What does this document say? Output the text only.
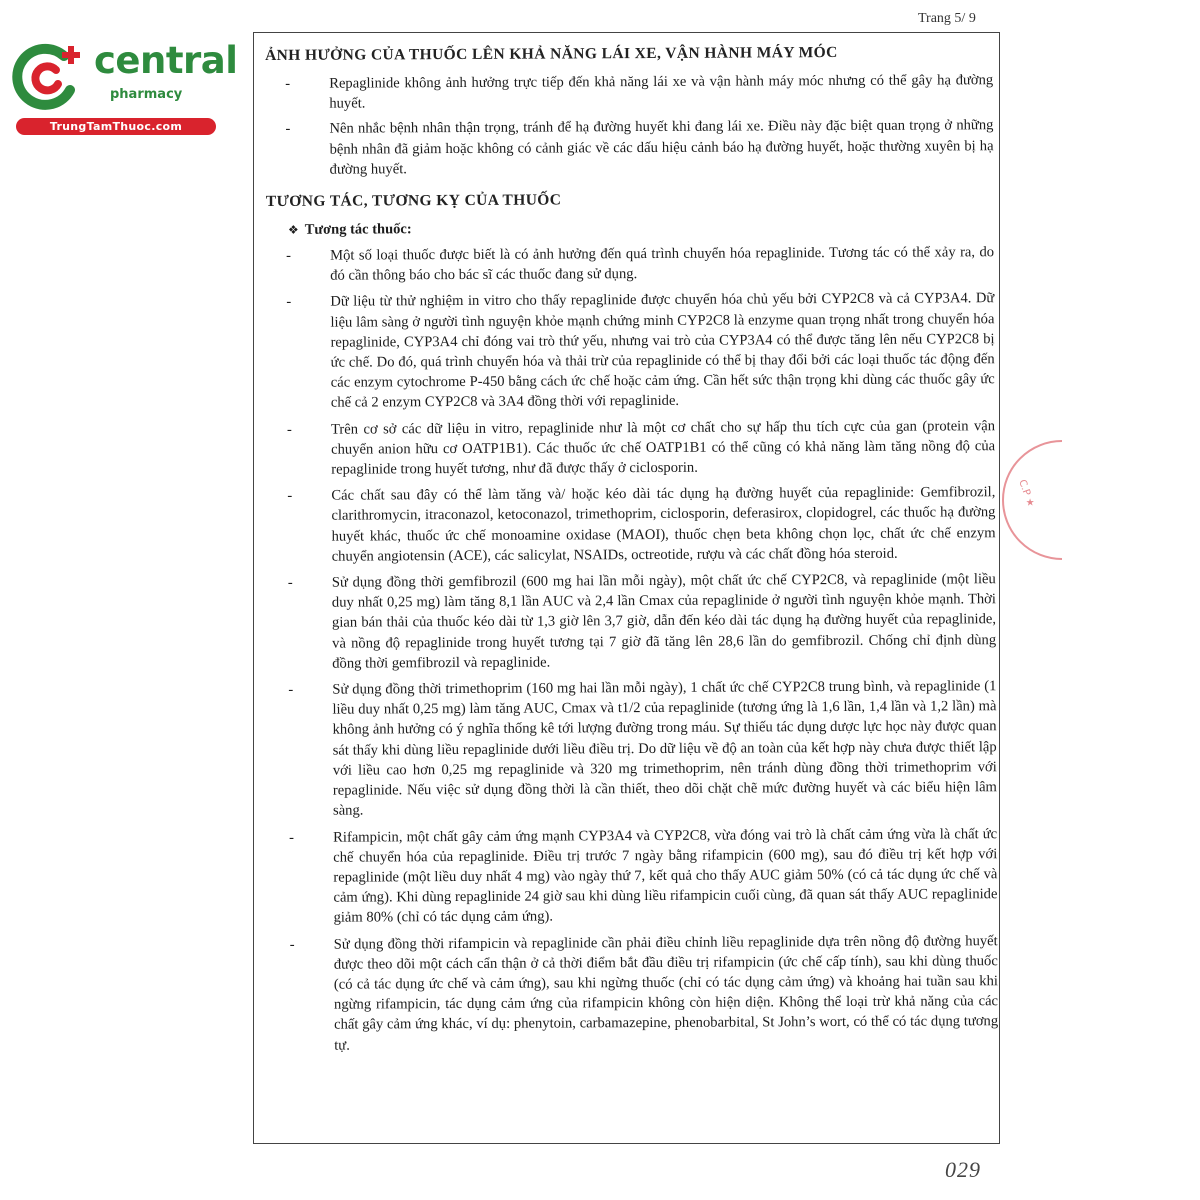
central
pharmacy
TrungTamThuoc.com
Trang 5/ 9
ẢNH HƯỞNG CỦA THUỐC LÊN KHẢ NĂNG LÁI XE, VẬN HÀNH MÁY MÓC
-	Repaglinide không ảnh hưởng trực tiếp đến khả năng lái xe và vận hành máy móc nhưng có thể gây hạ đường huyết.
-	Nên nhắc bệnh nhân thận trọng, tránh để hạ đường huyết khi đang lái xe. Điều này đặc biệt quan trọng ở những bệnh nhân đã giảm hoặc không có cảnh giác về các dấu hiệu cảnh báo hạ đường huyết, hoặc thường xuyên bị hạ đường huyết.
TƯƠNG TÁC, TƯƠNG KỴ CỦA THUỐC
❖ Tương tác thuốc:
-	Một số loại thuốc được biết là có ảnh hưởng đến quá trình chuyển hóa repaglinide. Tương tác có thể xảy ra, do đó cần thông báo cho bác sĩ các thuốc đang sử dụng.
-	Dữ liệu từ thử nghiệm in vitro cho thấy repaglinide được chuyển hóa chủ yếu bởi CYP2C8 và cả CYP3A4. Dữ liệu lâm sàng ở người tình nguyện khỏe mạnh chứng minh CYP2C8 là enzyme quan trọng nhất trong chuyển hóa repaglinide, CYP3A4 chỉ đóng vai trò thứ yếu, nhưng vai trò của CYP3A4 có thể được tăng lên nếu CYP2C8 bị ức chế. Do đó, quá trình chuyển hóa và thải trừ của repaglinide có thể bị thay đổi bởi các loại thuốc tác động đến các enzym cytochrome P-450 bằng cách ức chế hoặc cảm ứng. Cần hết sức thận trọng khi dùng các thuốc gây ức chế cả 2 enzym CYP2C8 và 3A4 đồng thời với repaglinide.
-	Trên cơ sở các dữ liệu in vitro, repaglinide như là một cơ chất cho sự hấp thu tích cực của gan (protein vận chuyển anion hữu cơ OATP1B1). Các thuốc ức chế OATP1B1 có thể cũng có khả năng làm tăng nồng độ của repaglinide trong huyết tương, như đã được thấy ở ciclosporin.
-	Các chất sau đây có thể làm tăng và/ hoặc kéo dài tác dụng hạ đường huyết của repaglinide: Gemfibrozil, clarithromycin, itraconazol, ketoconazol, trimethoprim, ciclosporin, deferasirox, clopidogrel, các thuốc hạ đường huyết khác, thuốc ức chế monoamine oxidase (MAOI), thuốc chẹn beta không chọn lọc, chất ức chế enzym chuyển angiotensin (ACE), các salicylat, NSAIDs, octreotide, rượu và các chất đồng hóa steroid.
-	Sử dụng đồng thời gemfibrozil (600 mg hai lần mỗi ngày), một chất ức chế CYP2C8, và repaglinide (một liều duy nhất 0,25 mg) làm tăng 8,1 lần AUC và 2,4 lần Cmax của repaglinide ở người tình nguyện khỏe mạnh. Thời gian bán thải của thuốc kéo dài từ 1,3 giờ lên 3,7 giờ, dẫn đến kéo dài tác dụng hạ đường huyết của repaglinide, và nồng độ repaglinide trong huyết tương tại 7 giờ đã tăng lên 28,6 lần do gemfibrozil. Chống chỉ định dùng đồng thời gemfibrozil và repaglinide.
-	Sử dụng đồng thời trimethoprim (160 mg hai lần mỗi ngày), 1 chất ức chế CYP2C8 trung bình, và repaglinide (1 liều duy nhất 0,25 mg) làm tăng AUC, Cmax và t1/2 của repaglinide (tương ứng là 1,6 lần, 1,4 lần và 1,2 lần) mà không ảnh hưởng có ý nghĩa thống kê tới lượng đường trong máu. Sự thiếu tác dụng dược lực học này được quan sát thấy khi dùng liều repaglinide dưới liều điều trị. Do dữ liệu về độ an toàn của kết hợp này chưa được thiết lập với liều cao hơn 0,25 mg repaglinide và 320 mg trimethoprim, nên tránh dùng đồng thời trimethoprim với repaglinide. Nếu việc sử dụng đồng thời là cần thiết, theo dõi chặt chẽ mức đường huyết và các biểu hiện lâm sàng.
-	Rifampicin, một chất gây cảm ứng mạnh CYP3A4 và CYP2C8, vừa đóng vai trò là chất cảm ứng vừa là chất ức chế chuyển hóa của repaglinide. Điều trị trước 7 ngày bằng rifampicin (600 mg), sau đó điều trị kết hợp với repaglinide (một liều duy nhất 4 mg) vào ngày thứ 7, kết quả cho thấy AUC giảm 50% (có cả tác dụng ức chế và cảm ứng). Khi dùng repaglinide 24 giờ sau khi dùng liều rifampicin cuối cùng, đã quan sát thấy AUC repaglinide giảm 80% (chỉ có tác dụng cảm ứng).
-	Sử dụng đồng thời rifampicin và repaglinide cần phải điều chỉnh liều repaglinide dựa trên nồng độ đường huyết được theo dõi một cách cẩn thận ở cả thời điểm bắt đầu điều trị rifampicin (ức chế cấp tính), sau khi dùng thuốc (có cả tác dụng ức chế và cảm ứng), sau khi ngừng thuốc (chỉ có tác dụng cảm ứng) và khoảng hai tuần sau khi ngừng rifampicin, tác dụng cảm ứng của rifampicin không còn hiện diện. Không thể loại trừ khả năng của các chất gây cảm ứng khác, ví dụ: phenytoin, carbamazepine, phenobarbital, St John’s wort, có thể có tác dụng tương tự.
C.P ★
029
